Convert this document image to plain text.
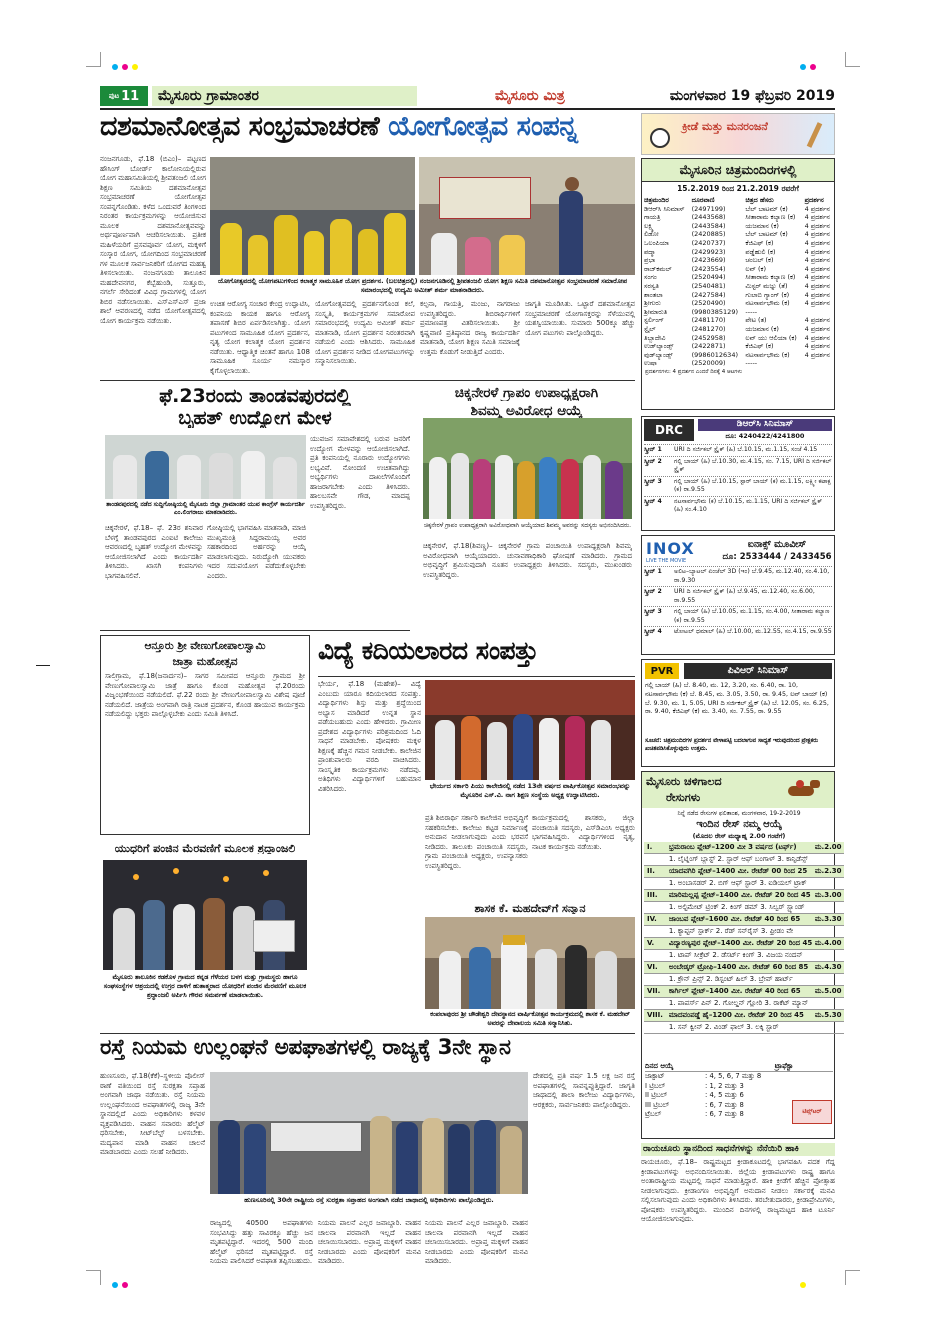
ಪುಟ 11	ಮೈಸೂರು ಗ್ರಾಮಾಂತರ	ಮೈಸೂರು ಮಿತ್ರ	ಮಂಗಳವಾರ 19 ಫೆಬ್ರವರಿ 2019
ದಶಮಾನೋತ್ಸವ ಸಂಭ್ರಮಾಚರಣೆ ಯೋಗೋತ್ಸವ ಸಂಪನ್ನ
ನಂಜನಗೂಡು, ಫೆ.18 (ಬಿಎಂ)– ಪಟ್ಟಣದ ಹೌಸಿಂಗ್ ಬೋರ್ಡ್ ಕಾಲೋನಿಯಲ್ಲಿರುವ ಯೋಗ ಮಹಾಸಮಿತಿಯಲ್ಲಿ ಶ್ರೀಪತಂಜಲಿ ಯೋಗ ಶಿಕ್ಷಣ ಸಮಿತಿಯ ದಶಮಾನೋತ್ಸವ ಸಂಭ್ರಮಾಚರಣೆ ಯೋಗೋತ್ಸವ ಸಂಪನ್ನಗೊಂಡಿತು. ಕಳೆದ ಒಂದುವರೆ ತಿಂಗಳಿಂದ ನಿರಂತರ ಕಾರ್ಯಕ್ರಮಗಳನ್ನು ಆಯೋಜಿಸುವ ಮೂಲಕ ದಶಮಾನೋತ್ಸವವನ್ನು ಅರ್ಥಪೂರ್ಣವಾಗಿ ಆಚರಿಸಲಾಯಿತು. ಪ್ರತೀಕ ಮಹಿಳೆಯರಿಗೆ ಪ್ರಸವಪೂರ್ವ ಯೋಗ, ಮಕ್ಕಳಿಗೆ ಸಂಸ್ಕಾರ ಯೋಗ, ಯೋಗದಿಂದ ಸಂಭ್ರಮಾಚರಣೆ ಗಳ ಮೂಲಕ ಸಾರ್ವಜನಿಕರಿಗೆ ಯೋಗದ ಮಹತ್ವ ತಿಳಿಸಲಾಯಿತು. ನಂಜನಗೂಡು ತಾಲೂಕಿನ ಮಹದೇವನಗರ, ಕೆಬ್ಬೆಹುಂಡಿ, ಸುತ್ತೂರು, ನಗರ್ಲೆ ಸೇರಿದಂತೆ ವಿವಿಧ ಗ್ರಾಮಗಳಲ್ಲಿ ಯೋಗ ಶಿಬಿರ ನಡೆಸಲಾಯಿತು. ಎಸ್‌ಎಸ್‌ಎಸ್ ಪ್ರಜಾ ಶಾಲೆ ಆವರಣದಲ್ಲಿ ನಡೆದ ಯೋಗೋತ್ಸವದಲ್ಲಿ ಯೋಗ ಕಾರ್ಯಕ್ರಮ ನಡೆಯಿತು.
ಯೋಗೋತ್ಸವದಲ್ಲಿ ಯೋಗಪಟುಗಳಿಂದ ಕಲಾತ್ಮಕ ಸಾಮೂಹಿಕ ಯೋಗ ಪ್ರದರ್ಶನ. (ಬಲಚಿತ್ರದಲ್ಲಿ) ನಂಜನಗೂಡಿನಲ್ಲಿ ಶ್ರೀಪತಂಜಲಿ ಯೋಗ ಶಿಕ್ಷಣ ಸಮಿತಿ ದಶಮಾನೋತ್ಸವ ಸಂಭ್ರಮಾಚರಣೆ ಸಮಾರೋಪ ಸಮಾರಂಭದಲ್ಲಿ ಉದ್ಯಮಿ ಅಮೀತ್ ಶರ್ಮ ಮಾತನಾಡಿದರು.
ಉಚಿತ ಆರೋಗ್ಯ ಸಂಚಾರ ಕೇಂದ್ರ ಉದ್ಘಾಟಿಸಿ, ಕಂಪನಿಯ ಕಾಯಕ ಹಾಗೂ ಆರೋಗ್ಯ ತಪಾಸಣೆ ಶಿಬಿರ ಏರ್ಪಡಿಸಲಾಗಿತ್ತು. ಯೋಗ ಪಟುಗಳಿಂದ ಸಾಮೂಹಿಕ ಯೋಗ ಪ್ರದರ್ಶನ, ನೃತ್ಯ ಯೋಗ ಕಲಾತ್ಮಕ ಯೋಗ ಪ್ರದರ್ಶನ ನಡೆಯಿತು. ಆಧ್ಯಾತ್ಮಿಕ ಚಿಂತನೆ ಹಾಗೂ 108 ಸಾಮೂಹಿಕ ಸೂರ್ಯ ನಮಸ್ಕಾರ ಕೈಗೊಳ್ಳಲಾಯಿತು.
ಯೋಗೋತ್ಸವದಲ್ಲಿ ಪ್ರದರ್ಶನಗೊಂಡ ಕಲೆ, ಸಂಸ್ಕೃತಿ, ಕಾರ್ಯಕ್ರಮಗಳ ಸಮಾರೋಪ ಸಮಾರಂಭದಲ್ಲಿ ಉದ್ಯಮಿ ಅಮೀತ್ ಶರ್ಮ ಮಾತನಾಡಿ, ಯೋಗ ಪ್ರದರ್ಶನ ನಿರಂತರವಾಗಿ ನಡೆಯಲಿ ಎಂದು ಆಶಿಸಿದರು. ಸಾಮೂಹಿಕ ಯೋಗ ಪ್ರದರ್ಶನ ನೀಡಿದ ಯೋಗಪಟುಗಳನ್ನು ಸನ್ಮಾನಿಸಲಾಯಿತು.
ಕಲ್ಪನಾ, ಗಾಯತ್ರಿ, ಮಂಜು, ನಾಗರಾಜು ಉಪಸ್ಥಿತರಿದ್ದರು. ಶಿಬಿರಾರ್ಥಿಗಳಿಗೆ ಪ್ರಮಾಣಪತ್ರ ವಿತರಿಸಲಾಯಿತು. ಶ್ರೀ ಕೃಷ್ಣವಾಣಿ ಪ್ರತಿಷ್ಠಾನದ ರಾಜ್ಯ ಕಾರ್ಯದರ್ಶಿ ಮಾತನಾಡಿ, ಯೋಗ ಶಿಕ್ಷಣ ಸಮಿತಿ ಸಮಾಜಕ್ಕೆ ಉತ್ತಮ ಕೊಡುಗೆ ನೀಡುತ್ತಿದೆ ಎಂದರು.
ಜಾಗೃತಿ ಮೂಡಿಸಿತು. ಒಟ್ಟಾರೆ ದಶಮಾನೋತ್ಸವ ಸಂಭ್ರಮಾಚರಣೆ ಯೋಗಾಸಕ್ತರನ್ನು ಸೆಳೆಯುವಲ್ಲಿ ಯಶಸ್ವಿಯಾಯಿತು. ಸುಮಾರು 500ಕ್ಕೂ ಹೆಚ್ಚು ಯೋಗ ಪಟುಗಳು ಪಾಲ್ಗೊಂಡಿದ್ದರು.
ಫೆ.23ರಂದು ತಾಂಡವಪುರದಲ್ಲಿ
ಬೃಹತ್ ಉದ್ಯೋಗ ಮೇಳ
ತಾಂಡವಪುರದಲ್ಲಿ ನಡೆದ ಸುದ್ದಿಗೋಷ್ಠಿಯಲ್ಲಿ ಮೈಸೂರು ಜಿಲ್ಲಾ ಗ್ರಾಮಾಂತರ ಯುವ ಕಾಂಗ್ರೆಸ್ ಕಾರ್ಯದರ್ಶಿ ಎಂ.ಲಿಂಗರಾಜು ಮಾತನಾಡಿದರು.
ಚಿಕ್ಕನೇರಳೆ, ಫೆ.18– ಫೆ. 23ರ ಶನಿವಾರ ಬೆಳಗ್ಗೆ ತಾಂಡವಪುರದ ಎಂಐಟಿ ಕಾಲೇಜು ಆವರಣದಲ್ಲಿ ಬೃಹತ್ ಉದ್ಯೋಗ ಮೇಳವನ್ನು ಆಯೋಜಿಸಲಾಗಿದೆ ಎಂದು ಕಾರ್ಯದರ್ಶಿ ತಿಳಿಸಿದರು. ಖಾಸಗಿ ಕಂಪನಿಗಳು ಭಾಗವಹಿಸಲಿವೆ.
ಗೋಷ್ಠಿಯಲ್ಲಿ ಭಾಗವಹಿಸಿ ಮಾತನಾಡಿ, ಮಾಜಿ ಮುಖ್ಯಮಂತ್ರಿ ಸಿದ್ದರಾಮಯ್ಯ ಅವರ ಸಹಕಾರದಿಂದ ಅರ್ಹರನ್ನು ಆಯ್ಕೆ ಮಾಡಲಾಗುವುದು. ನಿರುದ್ಯೋಗಿ ಯುವಕರು ಇದರ ಸದುಪಯೋಗ ಪಡೆದುಕೊಳ್ಳಬೇಕು ಎಂದರು.
ಯುವಜನ ಸಮಾವೇಶದಲ್ಲಿ ಬರುವ ಜನರಿಗೆ ಉದ್ಯೋಗ ಮೇಳವನ್ನು ಆಯೋಜಿಸಲಾಗಿದೆ. ಪ್ರತಿ ಕಂಪನಿಯಲ್ಲಿ ನೂರಾರು ಉದ್ಯೋಗಗಳು ಲಭ್ಯವಿವೆ. ನೋಂದಣಿ ಉಚಿತವಾಗಿದ್ದು ಅಭ್ಯರ್ಥಿಗಳು ದಾಖಲೆಗಳೊಂದಿಗೆ ಹಾಜರಾಗಬೇಕು ಎಂದು ತಿಳಿಸಿದರು. ಹಾಲಬಸವೇ ಗೌಡ, ಮಾದಪ್ಪ ಉಪಸ್ಥಿತರಿದ್ದರು.
ಚಿಕ್ಕನೇರಳೆ ಗ್ರಾಪಂ ಉಪಾಧ್ಯಕ್ಷರಾಗಿ
ಶಿವಮ್ಮ ಅವಿರೋಧ ಆಯ್ಕೆ
ಚಿಕ್ಕನೇರಳೆ ಗ್ರಾಪಂ ಉಪಾಧ್ಯಕ್ಷರಾಗಿ ಅವಿರೋಧವಾಗಿ ಆಯ್ಕೆಯಾದ ಶಿವಮ್ಮ ಅವರನ್ನು ಸದಸ್ಯರು ಅಭಿನಂದಿಸಿದರು.
ಚಿಕ್ಕನೇರಳೆ, ಫೆ.18(ಶಿವಣ್ಣ)– ಚಿಕ್ಕನೇರಳೆ ಗ್ರಾಮ ಪಂಚಾಯಿತಿ ಉಪಾಧ್ಯಕ್ಷರಾಗಿ ಶಿವಮ್ಮ ಅವಿರೋಧವಾಗಿ ಆಯ್ಕೆಯಾದರು. ಚುನಾವಣಾಧಿಕಾರಿ ಘೋಷಣೆ ಮಾಡಿದರು. ಗ್ರಾಮದ ಅಭಿವೃದ್ಧಿಗೆ ಶ್ರಮಿಸುವುದಾಗಿ ನೂತನ ಉಪಾಧ್ಯಕ್ಷರು ತಿಳಿಸಿದರು. ಸದಸ್ಯರು, ಮುಖಂಡರು ಉಪಸ್ಥಿತರಿದ್ದರು.
ಆನ್ತೂರು ಶ್ರೀ ವೇಣುಗೋಪಾಲಸ್ವಾಮಿ
ಜಾತ್ರಾ ಮಹೋತ್ಸವ
ಸಾಲಿಗ್ರಾಮ, ಫೆ.18(ಜನಾರ್ದನ)– ಸಾಗರ ಸಮೀಪದ ಆನ್ತೂರು ಗ್ರಾಮದ ಶ್ರೀ ವೇಣುಗೋಪಾಲಸ್ವಾಮಿ ಜಾತ್ರೆ ಹಾಗೂ ಕೊಂಡ ಮಹೋತ್ಸವ ಫೆ.20ರಂದು ವಿಜೃಂಭಣೆಯಿಂದ ನಡೆಯಲಿದೆ. ಫೆ.22 ರಂದು ಶ್ರೀ ವೇಣುಗೋಪಾಲಸ್ವಾಮಿ ವಿಶೇಷ ಪೂಜೆ ನಡೆಯಲಿದೆ. ಜಾತ್ರೆಯ ಅಂಗವಾಗಿ ರಾತ್ರಿ ನಾಟಕ ಪ್ರದರ್ಶನ, ಕೊಂಡ ಹಾಯುವ ಕಾರ್ಯಕ್ರಮ ನಡೆಯಲಿದ್ದು ಭಕ್ತರು ಪಾಲ್ಗೊಳ್ಳಬೇಕು ಎಂದು ಸಮಿತಿ ತಿಳಿಸಿದೆ.
ಯುಧರಿಗೆ ಪಂಜಿನ ಮೆರವಣಿಗೆ ಮೂಲಕ ಶ್ರದ್ಧಾಂಜಲಿ
ಮೈಸೂರು ತಾಲೂಕಿನ ಕಡಕೊಳ ಗ್ರಾಮದ ಕನ್ನಡ ಗೆಳೆಯರ ಬಳಗ ಮತ್ತು ಗ್ರಾಮಸ್ಥರು ಹಾಗೂ ಸಂಘಸಂಸ್ಥೆಗಳ ಆಶ್ರಯದಲ್ಲಿ ಉಗ್ರರ ದಾಳಿಗೆ ಹುತಾತ್ಮರಾದ ಯೋಧರಿಗೆ ಪಂಜಿನ ಮೆರವಣಿಗೆ ಮೂಲಕ ಶ್ರದ್ಧಾಂಜಲಿ ಅರ್ಪಿಸಿ ಗೌರವ ಸಮರ್ಪಣೆ ಮಾಡಲಾಯಿತು.
ವಿದ್ಯೆ ಕದಿಯಲಾರದ ಸಂಪತ್ತು
ಭೇರ್ಯ, ಫೆ.18 (ಮಹೇಶ)– ವಿದ್ಯೆ ಎಂಬುದು ಯಾರೂ ಕದಿಯಲಾರದ ಸಂಪತ್ತು. ವಿದ್ಯಾರ್ಥಿಗಳು ಶಿಸ್ತು ಮತ್ತು ಶ್ರದ್ಧೆಯಿಂದ ಅಭ್ಯಾಸ ಮಾಡಿದರೆ ಉನ್ನತ ಸ್ಥಾನ ಪಡೆಯಬಹುದು ಎಂದು ಹೇಳಿದರು. ಗ್ರಾಮೀಣ ಪ್ರದೇಶದ ವಿದ್ಯಾರ್ಥಿಗಳು ಪರಿಶ್ರಮದಿಂದ ಓದಿ ಸಾಧನೆ ಮಾಡಬೇಕು. ಪೋಷಕರು ಮಕ್ಕಳ ಶಿಕ್ಷಣಕ್ಕೆ ಹೆಚ್ಚಿನ ಗಮನ ನೀಡಬೇಕು. ಕಾಲೇಜಿನ ಪ್ರಾಂಶುಪಾಲರು ವರದಿ ವಾಚಿಸಿದರು. ಸಾಂಸ್ಕೃತಿಕ ಕಾರ್ಯಕ್ರಮಗಳು ನಡೆದವು. ಅತಿಥಿಗಳು ವಿದ್ಯಾರ್ಥಿಗಳಿಗೆ ಬಹುಮಾನ ವಿತರಿಸಿದರು.	ಭೇರ್ಯದ ಸರ್ಕಾರಿ ಪಿಯು ಕಾಲೇಜಿನಲ್ಲಿ ನಡೆದ 13ನೇ ವರ್ಷದ ವಾರ್ಷಿಕೋತ್ಸವ ಸಮಾರಂಭವನ್ನು ಮೈಸೂರಿನ ಎಸ್.ವಿ. ನಾಗ ಶಿಕ್ಷಣ ಸಂಸ್ಥೆಯ ಅಧ್ಯಕ್ಷ ಉದ್ಘಾಟಿಸಿದರು.
ಪ್ರತಿ ಶಿಬಿರಾರ್ಥಿ ಸರ್ಕಾರಿ ಕಾಲೇಜಿನ ಅಭಿವೃದ್ಧಿಗೆ ಸಹಕರಿಸಬೇಕು. ಕಾಲೇಜು ಕಟ್ಟಡ ನಿರ್ಮಾಣಕ್ಕೆ ಅನುದಾನ ನೀಡಲಾಗುವುದು ಎಂದು ಭರವಸೆ ನೀಡಿದರು. ತಾಲೂಕು ಪಂಚಾಯಿತಿ ಸದಸ್ಯರು, ಗ್ರಾಮ ಪಂಚಾಯಿತಿ ಅಧ್ಯಕ್ಷರು, ಉಪನ್ಯಾಸಕರು ಉಪಸ್ಥಿತರಿದ್ದರು.
ಕಾರ್ಯಕ್ರಮದಲ್ಲಿ ಶಾಸಕರು, ಜಿಲ್ಲಾ ಪಂಚಾಯಿತಿ ಸದಸ್ಯರು, ಎಸ್‌ಡಿಎಂಸಿ ಅಧ್ಯಕ್ಷರು ಭಾಗವಹಿಸಿದ್ದರು. ವಿದ್ಯಾರ್ಥಿಗಳಿಂದ ನೃತ್ಯ, ನಾಟಕ ಕಾರ್ಯಕ್ರಮ ನಡೆಯಿತು.
ಶಾಸಕ ಕೆ. ಮಹದೇವ್‌ಗೆ ಸನ್ಮಾನ
ಕಂಪಲಾಪುರದ ಶ್ರೀ ಚೌಡೇಶ್ವರಿ ದೇವಸ್ಥಾನದ ವಾರ್ಷಿಕೋತ್ಸವ ಕಾರ್ಯಕ್ರಮದಲ್ಲಿ ಶಾಸಕ ಕೆ. ಮಹದೇವ್ ಅವರನ್ನು ದೇವಾಲಯ ಸಮಿತಿ ಸನ್ಮಾನಿಸಿತು.
ರಸ್ತೆ ನಿಯಮ ಉಲ್ಲಂಘನೆ ಅಪಘಾತಗಳಲ್ಲಿ ರಾಜ್ಯಕ್ಕೆ 3ನೇ ಸ್ಥಾನ
ಹುಣಸೂರು, ಫೆ.18(ಕೆಕೆ)–ಸ್ಥಳೀಯ ಪೊಲೀಸ್ ಠಾಣೆ ವತಿಯಿಂದ ರಸ್ತೆ ಸುರಕ್ಷತಾ ಸಪ್ತಾಹ ಅಂಗವಾಗಿ ಜಾಥಾ ನಡೆಯಿತು. ರಸ್ತೆ ನಿಯಮ ಉಲ್ಲಂಘನೆಯಿಂದ ಅಪಘಾತಗಳಲ್ಲಿ ರಾಜ್ಯ 3ನೇ ಸ್ಥಾನದಲ್ಲಿದೆ ಎಂದು ಅಧಿಕಾರಿಗಳು ಕಳವಳ ವ್ಯಕ್ತಪಡಿಸಿದರು. ವಾಹನ ಸವಾರರು ಹೆಲ್ಮೆಟ್ ಧರಿಸಬೇಕು, ಸೀಟ್‌ಬೆಲ್ಟ್ ಬಳಸಬೇಕು. ಮದ್ಯಪಾನ ಮಾಡಿ ವಾಹನ ಚಾಲನೆ ಮಾಡಬಾರದು ಎಂದು ಸಲಹೆ ನೀಡಿದರು.
ಹುಣಸೂರಿನಲ್ಲಿ 30ನೇ ರಾಷ್ಟ್ರೀಯ ರಸ್ತೆ ಸುರಕ್ಷತಾ ಸಪ್ತಾಹದ ಅಂಗವಾಗಿ ನಡೆದ ಜಾಥಾದಲ್ಲಿ ಅಧಿಕಾರಿಗಳು ಪಾಲ್ಗೊಂಡಿದ್ದರು.
ರಾಜ್ಯದಲ್ಲಿ 40500 ಅಪಘಾತಗಳು ಸಂಭವಿಸಿದ್ದು ಹತ್ತು ಸಾವಿರಕ್ಕೂ ಹೆಚ್ಚು ಜನ ಮೃತಪಟ್ಟಿದ್ದಾರೆ. ಇದರಲ್ಲಿ 500 ಮಂದಿ ಹೆಲ್ಮೆಟ್ ಧರಿಸದೆ ಮೃತಪಟ್ಟಿದ್ದಾರೆ. ರಸ್ತೆ ನಿಯಮ ಪಾಲಿಸಿದರೆ ಅಪಘಾತ ತಪ್ಪಿಸಬಹುದು.
ನಿಯಮ ಪಾಲನೆ ಎಲ್ಲರ ಜವಾಬ್ದಾರಿ. ವಾಹನ ಚಾಲನಾ ಪರವಾನಗಿ ಇಲ್ಲದೆ ವಾಹನ ಚಲಾಯಿಸಬಾರದು. ಅಪ್ರಾಪ್ತ ಮಕ್ಕಳಿಗೆ ವಾಹನ ನೀಡಬಾರದು ಎಂದು ಪೋಷಕರಿಗೆ ಮನವಿ ಮಾಡಿದರು.
ದೇಶದಲ್ಲಿ ಪ್ರತಿ ವರ್ಷ 1.5 ಲಕ್ಷ ಜನ ರಸ್ತೆ ಅಪಘಾತಗಳಲ್ಲಿ ಸಾವನ್ನಪ್ಪುತ್ತಿದ್ದಾರೆ. ಜಾಗೃತಿ ಜಾಥಾದಲ್ಲಿ ಶಾಲಾ ಕಾಲೇಜು ವಿದ್ಯಾರ್ಥಿಗಳು, ಆರಕ್ಷಕರು, ಸಾರ್ವಜನಿಕರು ಪಾಲ್ಗೊಂಡಿದ್ದರು.
ನಿಯಮ ಪಾಲನೆ ಎಲ್ಲರ ಜವಾಬ್ದಾರಿ. ವಾಹನ ಚಾಲನಾ ಪರವಾನಗಿ ಇಲ್ಲದೆ ವಾಹನ ಚಲಾಯಿಸಬಾರದು. ಅಪ್ರಾಪ್ತ ಮಕ್ಕಳಿಗೆ ವಾಹನ ನೀಡಬಾರದು ಎಂದು ಪೋಷಕರಿಗೆ ಮನವಿ ಮಾಡಿದರು.
ಕ್ರೀಡೆ ಮತ್ತು ಮನರಂಜನೆ
ಮೈಸೂರಿನ ಚಿತ್ರಮಂದಿರಗಳಲ್ಲಿ
15.2.2019 ರಿಂದ 21.2.2019 ರವರೆಗೆ
ಚಿತ್ರಮಂದಿರ	ದೂರವಾಣಿ	ಚಿತ್ರದ ಹೆಸರು	ಪ್ರದರ್ಶನ
ಡಿಆರ್‌ಸಿ ಸಿನಿಮಾಸ್	(2497199)	ಬೆಲ್ ಬಾಟಮ್ (ಕ)	4 ಪ್ರದರ್ಶನ
ಗಾಯತ್ರಿ	(2443568)	ಸೀತಾರಾಮ ಕಲ್ಯಾಣ (ಕ)	4 ಪ್ರದರ್ಶನ
ಲಕ್ಷ್ಮಿ	(2443584)	ಯಜಮಾನ (ಕ)	4 ಪ್ರದರ್ಶನ
ಲಿಡೋ	(2420885)	ಬೆಲ್ ಬಾಟಮ್ (ಕ)	4 ಪ್ರದರ್ಶನ
ಒಲಂಪಿಯಾ	(2420737)	ಕೆಜಿಎಫ್ (ಕ)	4 ಪ್ರದರ್ಶನ
ಪದ್ಮಾ	(2429923)	ಪಡ್ಡೆಹುಲಿ (ಕ)	4 ಪ್ರದರ್ಶನ
ಪ್ರಭಾ	(2423669)	ಚಂಬಲ್ (ಕ)	4 ಪ್ರದರ್ಶನ
ರಾಜ್‌ಕಮಲ್	(2423554)	ಲವ್ (ಕ)	4 ಪ್ರದರ್ಶನ
ಸಂಗಂ	(2520494)	ಸೀತಾರಾಮ ಕಲ್ಯಾಣ (ಕ)	4 ಪ್ರದರ್ಶನ
ಸರಸ್ವತಿ	(2540481)	ಮಿಸ್ಟರ್ ಮಜ್ನು (ತೆ)	4 ಪ್ರದರ್ಶನ
ಶಾಂತಲಾ	(2427584)	ಗುಲಾಬಿ ಗ್ಯಾಂಗ್ (ಕ)	4 ಪ್ರದರ್ಶನ
ಶ್ರೀಗುರು	(2520490)	ನಟಸಾರ್ವಭೌಮ (ಕ)	4 ಪ್ರದರ್ಶನ
ಶ್ರೀಮಾರುತಿ	(9980385129)	-----	
ಸ್ಟರ್ಲಿಂಗ್	(2481170)	ಪೇಟ (ತ)	4 ಪ್ರದರ್ಶನ
ಸ್ಟೈಲ್	(2481270)	ಯಜಮಾನ (ಕ)	4 ಪ್ರದರ್ಶನ
ತಿಬ್ಬಾದೇವಿ	(2452958)	ಲವ್ ಯು ಆಲಿಯಾ (ಕ)	4 ಪ್ರದರ್ಶನ
ಉಡ್‌ಲ್ಯಾಂಡ್ಸ್	(2422871)	ಕೆಜಿಎಫ್ (ಕ)	4 ಪ್ರದರ್ಶನ
ವುಡ್‌ಲ್ಯಾಂಡ್ಸ್	(9986012634)	ನಟಸಾರ್ವಭೌಮ (ಕ)	4 ಪ್ರದರ್ಶನ
ಉಷಾ	(2520009)	-----	
ಪ್ರದರ್ಶನಗಳು: 4 ಪ್ರದರ್ಶನ ಎಂದರೆ ದಿನಕ್ಕೆ 4 ಆಟಗಳು
DRC	ಡಿಆರ್‌ಸಿ ಸಿನಿಮಾಸ್
ದೂ: 4240422/4241800
ಸ್ಕ್ರೀನ್ 1	URI ದಿ ಸರ್ಜಿಕಲ್ ಸ್ಟ್ರೈಕ್ (ಹಿ) ಬೆ.10.15, ಮ.1.15, ಸಂಜೆ 4.15
ಸ್ಕ್ರೀನ್ 2	ಗಲ್ಲಿ ಬಾಯ್ (ಹಿ) ಬೆ.10.30, ಮ.4.15, ಸಂ. 7.15, URI ದಿ ಸರ್ಜಿಕಲ್ ಸ್ಟ್ರೈಕ್
ಸ್ಕ್ರೀನ್ 3	ಗಲ್ಲಿ ಬಾಯ್ (ಹಿ) ಬೆ.10.15, ಸ್ಟಾರ್ ಬಾಯ್ (ಕ) ಮ.1.15, ಲಕ್ಷ್ಮೀ ಕಟಾಕ್ಷ (ಕ) ರಾ.9.55
ಸ್ಕ್ರೀನ್ 4	ನಟಸಾರ್ವಭೌಮ (ಕ) ಬೆ.10.15, ಮ.1.15, URI ದಿ ಸರ್ಜಿಕಲ್ ಸ್ಟ್ರೈಕ್ (ಹಿ) ಸಂ.4.10
INOX
LIVE THE MOVIE
ಐನಾಕ್ಸ್ ಮೂವೀಸ್
ದೂ: 2533444 / 2433456
ಸ್ಕ್ರೀನ್ 1	ಅಲಿಟ–ಬ್ಯಾಟಲ್ ಏಂಜೆಲ್ 3D (ಇಂ) ಬೆ.9.45, ಮ.12.40, ಸಂ.4.10, ರಾ.9.30
ಸ್ಕ್ರೀನ್ 2	URI ದಿ ಸರ್ಜಿಕಲ್ ಸ್ಟ್ರೈಕ್ (ಹಿ) ಬೆ.9.45, ಮ.12.40, ಸಂ.6.00, ರಾ.9.55
ಸ್ಕ್ರೀನ್ 3	ಗಲ್ಲಿ ಬಾಯ್ (ಹಿ) ಬೆ.10.05, ಮ.1.15, ಸಂ.4.00, ಸೀತಾರಾಮ ಕಲ್ಯಾಣ (ಕ) ರಾ.9.55
ಸ್ಕ್ರೀನ್ 4	ಟೋಟಲ್ ಧಮಾಲ್ (ಹಿ) ಬೆ.10.00, ಮ.12.55, ಸಂ.4.15, ರಾ.9.55
PVR	ಪಿವಿಆರ್ ಸಿನಿಮಾಸ್
ಗಲ್ಲಿ ಬಾಯ್ (ಹಿ) ಬೆ. 8.40, ಮ. 12, 3.20, ಸಂ. 6.40, ರಾ. 10, ನಟಸಾರ್ವಭೌಮ (ಕ) ಬೆ. 8.45, ಮ. 3.05, 3.50, ರಾ. 9.45, ಲವ್ ಬಾಯ್ (ಕ) ಬೆ. 9.30, ಮ. 1, 5.05, URI ದಿ ಸರ್ಜಿಕಲ್ ಸ್ಟ್ರೈಕ್ (ಹಿ) ಬೆ. 12.05, ಸಂ. 6.25, ರಾ. 9.40, ಕೆಜಿಎಫ್ (ಕ) ಮ. 3.40, ಸಂ. 7.55, ರಾ. 9.55
ಸೂಚನೆ: ಚಿತ್ರಮಂದಿರಗಳ ಪ್ರದರ್ಶನ ವೇಳಾಪಟ್ಟಿ ಬದಲಾಗುವ ಸಾಧ್ಯತೆ ಇರುವುದರಿಂದ ಪ್ರೇಕ್ಷಕರು ಖಚಿತಪಡಿಸಿಕೊಳ್ಳುವುದು ಉತ್ತಮ.
ಮೈಸೂರು ಚಳಿಗಾಲದ
ರೇಸುಗಳು
ನಿನ್ನೆ ನಡೆದ ರೇಸುಗಳ ಫಲಿತಾಂಶ, ಮಂಗಳವಾರ, 19-2-2019
ಇಂದಿನ ರೇಸ್ ನಮ್ಮ ಆಯ್ಕೆ
(ಮೊದಲ ರೇಸ್ ಮಧ್ಯಾಹ್ನ 2.00 ಗಂಟೆಗೆ)
I.	ಭ್ರಮರಾಂಬ ಪ್ಲೇಟ್–1200 ಮೀ 3 ವರ್ಷದ (ಟರ್ಫ್)	ಮ.2.00
	1. ಲೈಟ್ನಿಂಗ್ ಬ್ಲಾಸ್ಟ್ 2. ಸ್ಟಾರ್ ಆಫ್ ಬಂಗಾಳ್ 3. ಕಾನ್ಫಿಡೆನ್ಸ್	
II.	ಯಾದವಗಿರಿ ಪ್ಲೇಟ್–1400 ಮೀ. ರೇಟೆಡ್ 00 ರಿಂದ 25	ಮ.2.30
	1. ಅಂಬಾಸಡರ್ 2. ಬಿಗ್ ಆಫ್ ಸ್ಟಾರ್ 3. ಐಡಿಯಲ್ ಟ್ರಾಕ್	
III.	ಮಾರಿಮಲ್ಲಪ್ಪ ಪ್ಲೇಟ್–1400 ಮೀ. ರೇಟೆಡ್ 20 ರಿಂದ 45	ಮ.3.00
	1. ಅಲ್ಟಿಮೇಟ್ ಟ್ರಿಂಕ್ 2. ಕಿಂಗ್ ಡಮ್ 3. ಸಿಲ್ವರ್ ಸ್ಟ್ಯಾಂಡ್	
IV.	ಜಾಂಬವ ಪ್ಲೇಟ್–1600 ಮೀ. ರೇಟೆಡ್ 40 ರಿಂದ 65	ಮ.3.30
	1. ಕ್ಯಾಪ್ಟನ್ ಸ್ಪಾರ್ಕ್ 2. ರೆಡ್ ಸನ್‌ರೈಸ್ 3. ಫ್ರೀಡಂ ವೇ	
V.	ವಿದ್ಯಾರಣ್ಯಪುರ ಪ್ಲೇಟ್–1400 ಮೀ. ರೇಟೆಡ್ 20 ರಿಂದ 45	ಮ.4.00
	1. ಟಾಪ್ ಸೀಕ್ರೆಟ್ 2. ಡೆಸರ್ಟ್ ಕಿಂಗ್ 3. ವಿಜಯ ನಂದನ್	
VI.	ಅಂಬೇಡ್ಕರ್ ಟ್ರೋಫಿ–1400 ಮೀ. ರೇಟೆಡ್ 60 ರಿಂದ 85	ಮ.4.30
	1. ಕ್ರೌನ್ ಪ್ರಿನ್ಸ್ 2. ಡಿಸ್ಟಂಟ್ ಹಿಲ್ 3. ಬ್ರೇವ್ ಹಾರ್ಟ್	
VII.	ಕಾರ್ಗಿಲ್ ಪ್ಲೇಟ್–1400 ಮೀ. ರೇಟೆಡ್ 40 ರಿಂದ 65	ಮ.5.00
	1. ಪಾಪರ್ಸ್ ಪಿನ್ 2. ಗೋಲ್ಡನ್ ಗ್ಲೋರಿ 3. ರಾಕೆಟ್ ಮ್ಯಾನ್	
VIII.	ಮಾದವಂಪಡ್ಡೆ ಹೈ–1200 ಮೀ. ರೇಟೆಡ್ 20 ರಿಂದ 45	ಮ.5.30
	1. ಸನ್ ಕ್ವೀನ್ 2. ವಿಂಡ್ ಫಾಲ್ 3. ಲಕ್ಕಿ ಸ್ಟಾರ್	
ದಿನದ ಆಯ್ಕೆ	ಟ್ರಾಫೆಕ್ಟಾ
ಜಾಕ್ಪಾಟ್	: 4, 5, 6, 7 ಮತ್ತು 8
I ಟ್ರಿಬಲ್	: 1, 2 ಮತ್ತು 3
II ಟ್ರಿಬಲ್	: 4, 5 ಮತ್ತು 6
III ಟ್ರಿಬಲ್	: 6, 7 ಮತ್ತು 8
ಟ್ರೆಬಲ್	: 6, 7 ಮತ್ತು 8	ಟಿಪ್ಸ್‌ಟರ್
ರಾಯಚೂರು ಸ್ಥಾನದಿಂದ ಸಾಧನೆಗಳನ್ನು ನೆನೆಯಿರಿ ಹಾಕಿ
ರಾಯಚೂರು, ಫೆ.18– ರಾಷ್ಟ್ರಮಟ್ಟದ ಕ್ರೀಡಾಕೂಟದಲ್ಲಿ ಭಾಗವಹಿಸಿ ಪದಕ ಗೆದ್ದ ಕ್ರೀಡಾಪಟುಗಳನ್ನು ಅಭಿನಂದಿಸಲಾಯಿತು. ಜಿಲ್ಲೆಯ ಕ್ರೀಡಾಪಟುಗಳು ರಾಷ್ಟ್ರ ಹಾಗೂ ಅಂತಾರಾಷ್ಟ್ರೀಯ ಮಟ್ಟದಲ್ಲಿ ಸಾಧನೆ ಮಾಡುತ್ತಿದ್ದಾರೆ. ಹಾಕಿ ಕ್ರೀಡೆಗೆ ಹೆಚ್ಚಿನ ಪ್ರೋತ್ಸಾಹ ನೀಡಲಾಗುವುದು. ಕ್ರೀಡಾಂಗಣ ಅಭಿವೃದ್ಧಿಗೆ ಅನುದಾನ ನೀಡಲು ಸರ್ಕಾರಕ್ಕೆ ಮನವಿ ಸಲ್ಲಿಸಲಾಗುವುದು ಎಂದು ಅಧಿಕಾರಿಗಳು ತಿಳಿಸಿದರು. ತರಬೇತುದಾರರು, ಕ್ರೀಡಾಪ್ರೇಮಿಗಳು, ಪೋಷಕರು ಉಪಸ್ಥಿತರಿದ್ದರು. ಮುಂದಿನ ದಿನಗಳಲ್ಲಿ ರಾಜ್ಯಮಟ್ಟದ ಹಾಕಿ ಟೂರ್ನಿ ಆಯೋಜಿಸಲಾಗುವುದು.
